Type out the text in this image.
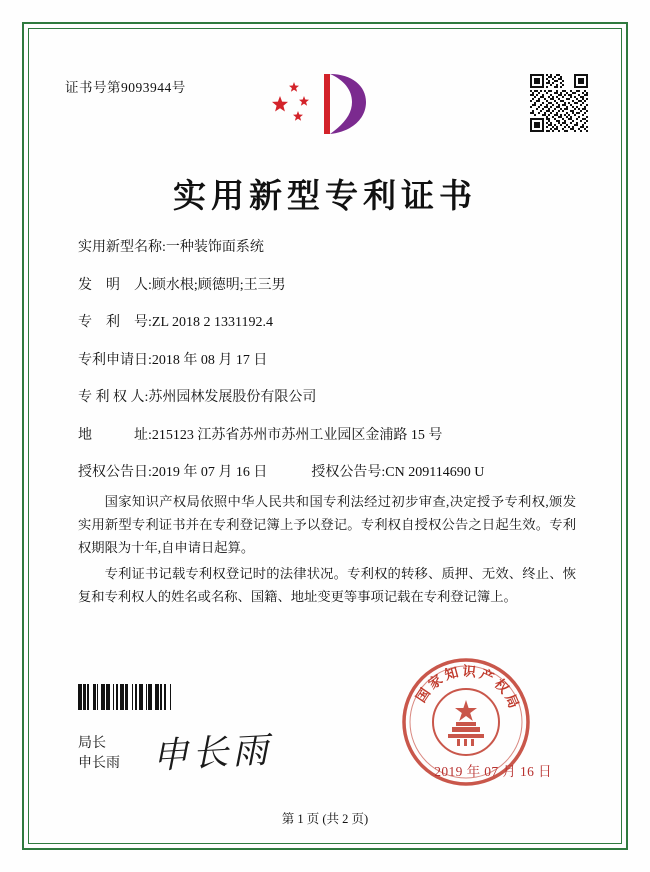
证书号第9093944号
实用新型专利证书
实用新型名称: 一种装饰面系统
发　明　人: 顾水根;顾德明;王三男
专　利　号: ZL 2018 2 1331192.4
专利申请日: 2018 年 08 月 17 日
专 利 权 人: 苏州园林发展股份有限公司
地　　　址: 215123 江苏省苏州市苏州工业园区金浦路 15 号
授权公告日: 2019 年 07 月 16 日	授权公告号: CN 209114690 U

国家知识产权局依照中华人民共和国专利法经过初步审查,决定授予专利权,颁发实用新型专利证书并在专利登记簿上予以登记。专利权自授权公告之日起生效。专利权期限为十年,自申请日起算。

专利证书记载专利权登记时的法律状况。专利权的转移、质押、无效、终止、恢复和专利权人的姓名或名称、国籍、地址变更等事项记载在专利登记簿上。

局长
申长雨 申长雨
国家知识产权局
2019 年 07 月 16 日
第 1 页 (共 2 页)
